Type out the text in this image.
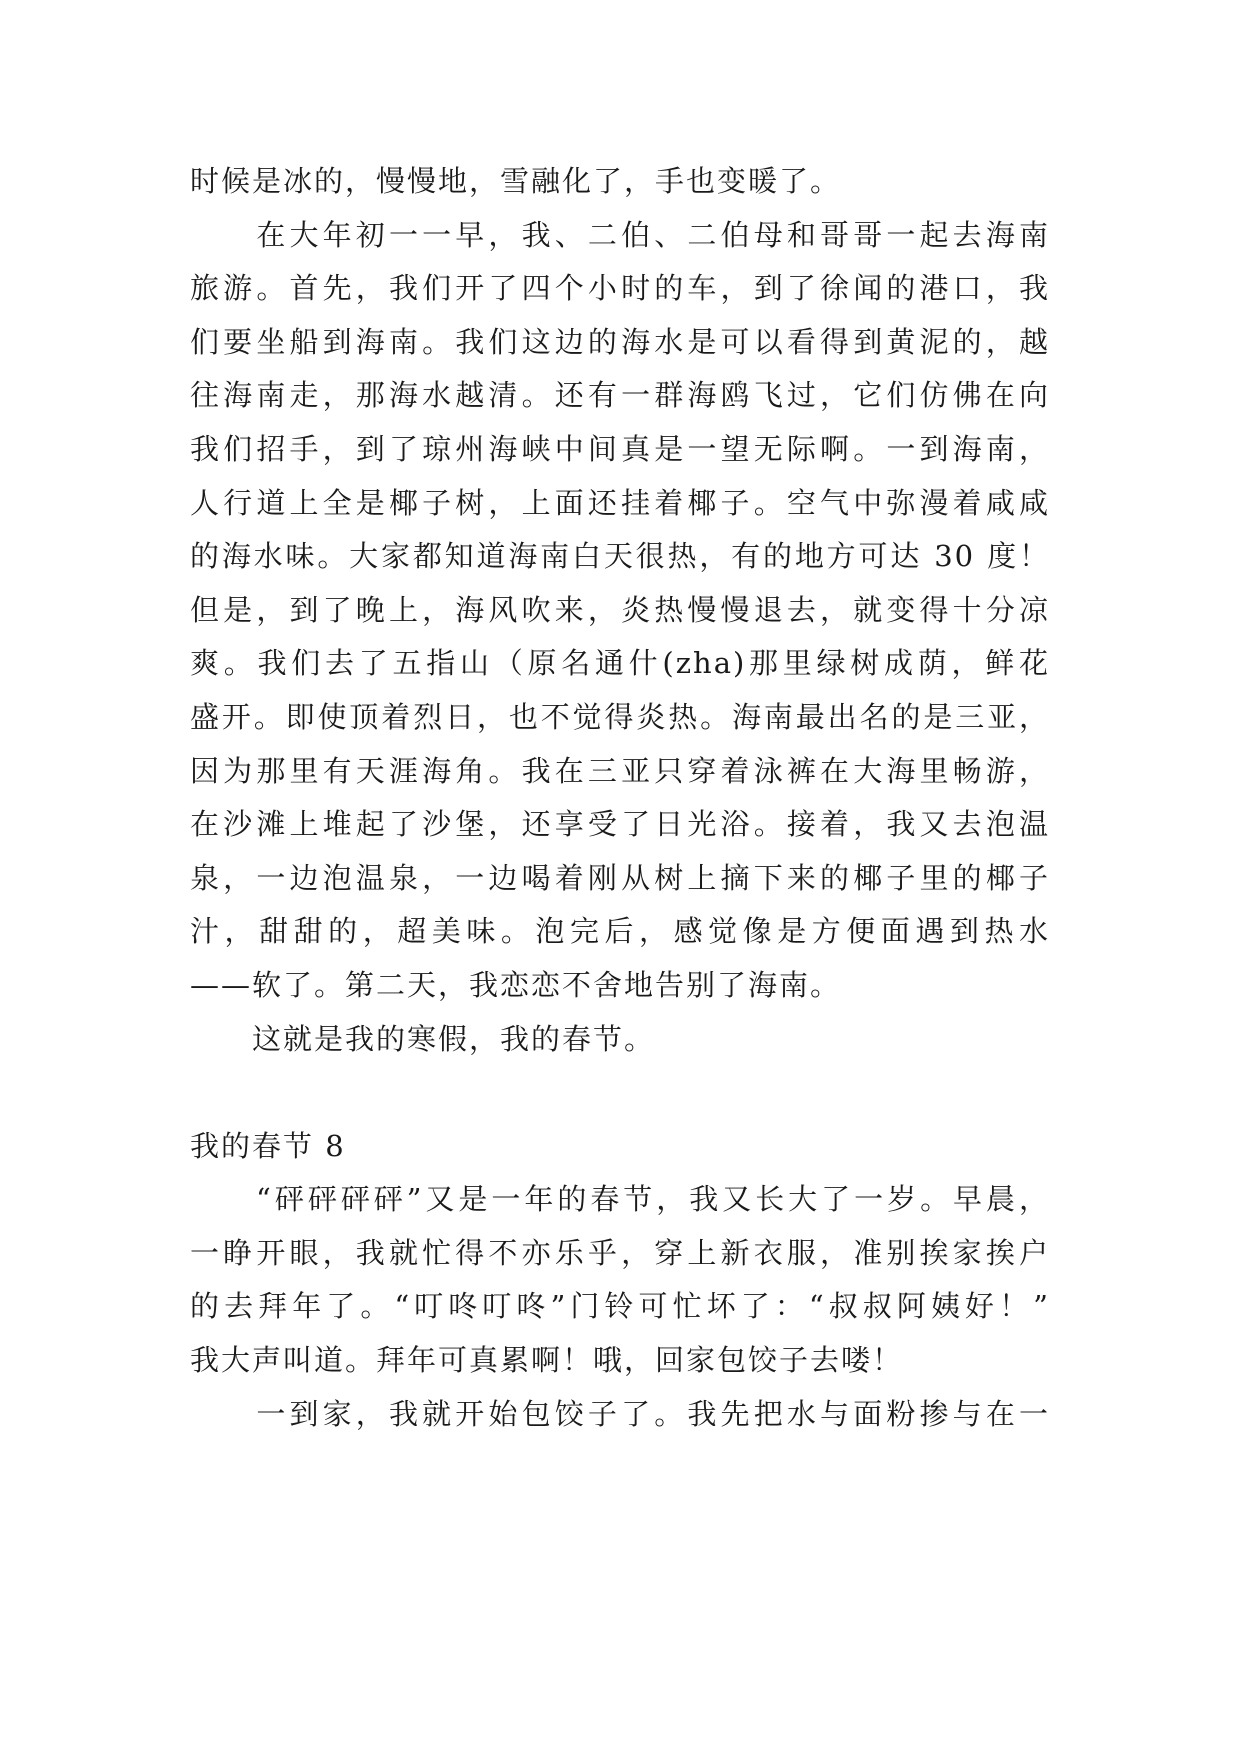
时候是冰的，慢慢地，雪融化了，手也变暖了。

　　在大年初一一早，我、二伯、二伯母和哥哥一起去海南
旅游。首先，我们开了四个小时的车，到了徐闻的港口，我
们要坐船到海南。我们这边的海水是可以看得到黄泥的，越
往海南走，那海水越清。还有一群海鸥飞过，它们仿佛在向
我们招手，到了琼州海峡中间真是一望无际啊。一到海南，
人行道上全是椰子树，上面还挂着椰子。空气中弥漫着咸咸
的海水味。大家都知道海南白天很热，有的地方可达 30 度！
但是，到了晚上，海风吹来，炎热慢慢退去，就变得十分凉
爽。我们去了五指山（原名通什(zha)那里绿树成荫，鲜花
盛开。即使顶着烈日，也不觉得炎热。海南最出名的是三亚，
因为那里有天涯海角。我在三亚只穿着泳裤在大海里畅游，
在沙滩上堆起了沙堡，还享受了日光浴。接着，我又去泡温
泉，一边泡温泉，一边喝着刚从树上摘下来的椰子里的椰子
汁，甜甜的，超美味。泡完后，感觉像是方便面遇到热水
——软了。第二天，我恋恋不舍地告别了海南。

　　这就是我的寒假，我的春节。

我的春节 8

　　“砰砰砰砰”又是一年的春节，我又长大了一岁。早晨，
一睁开眼，我就忙得不亦乐乎，穿上新衣服，准别挨家挨户
的去拜年了。“叮咚叮咚”门铃可忙坏了：“叔叔阿姨好！”
我大声叫道。拜年可真累啊！哦，回家包饺子去喽！

　　一到家，我就开始包饺子了。我先把水与面粉掺与在一
